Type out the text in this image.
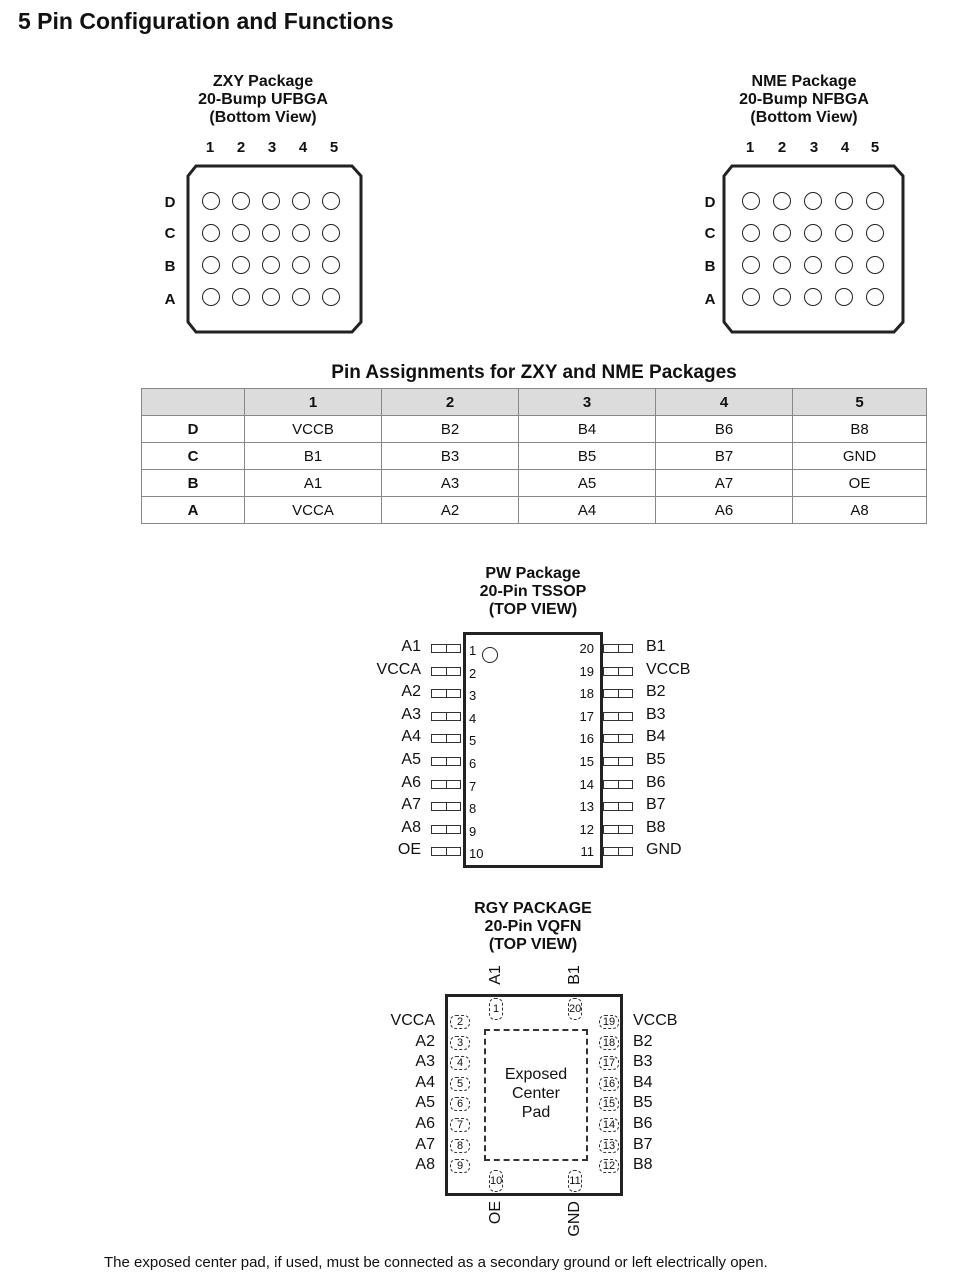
5 Pin Configuration and Functions
ZXY Package
20-Bump UFBGA
(Bottom View)
1	2	3	4	5
D
C
B
A
NME Package
20-Bump NFBGA
(Bottom View)
1	2	3	4	5
D
C
B
A
Pin Assignments for ZXY and NME Packages
	1	2	3	4	5
D	VCCB	B2	B4	B6	B8
C	B1	B3	B5	B7	GND
B	A1	A3	A5	A7	OE
A	VCCA	A2	A4	A6	A8
PW Package
20-Pin TSSOP
(TOP VIEW)
A1	1
VCCA	2
A2	3
A3	4
A4	5
A5	6
A6	7
A7	8
A8	9
OE	10
B1
20
VCCB
19
B2
18
B3
17
B4
16
B5
15
B6
14
B7
13
B8
12
GND
11
RGY PACKAGE
20-Pin VQFN
(TOP VIEW)
Exposed
Center
Pad
2
VCCA
3
A2
4
A3
5
A4
6
A5
7
A6
8
A7
9
A8
19 VCCB
18 B2
17 B3
16 B4
15 B5
14 B6
13 B7
12 B8
1
A1
20
B1
10
OE
11
GND
The exposed center pad, if used, must be connected as a secondary ground or left electrically open.
